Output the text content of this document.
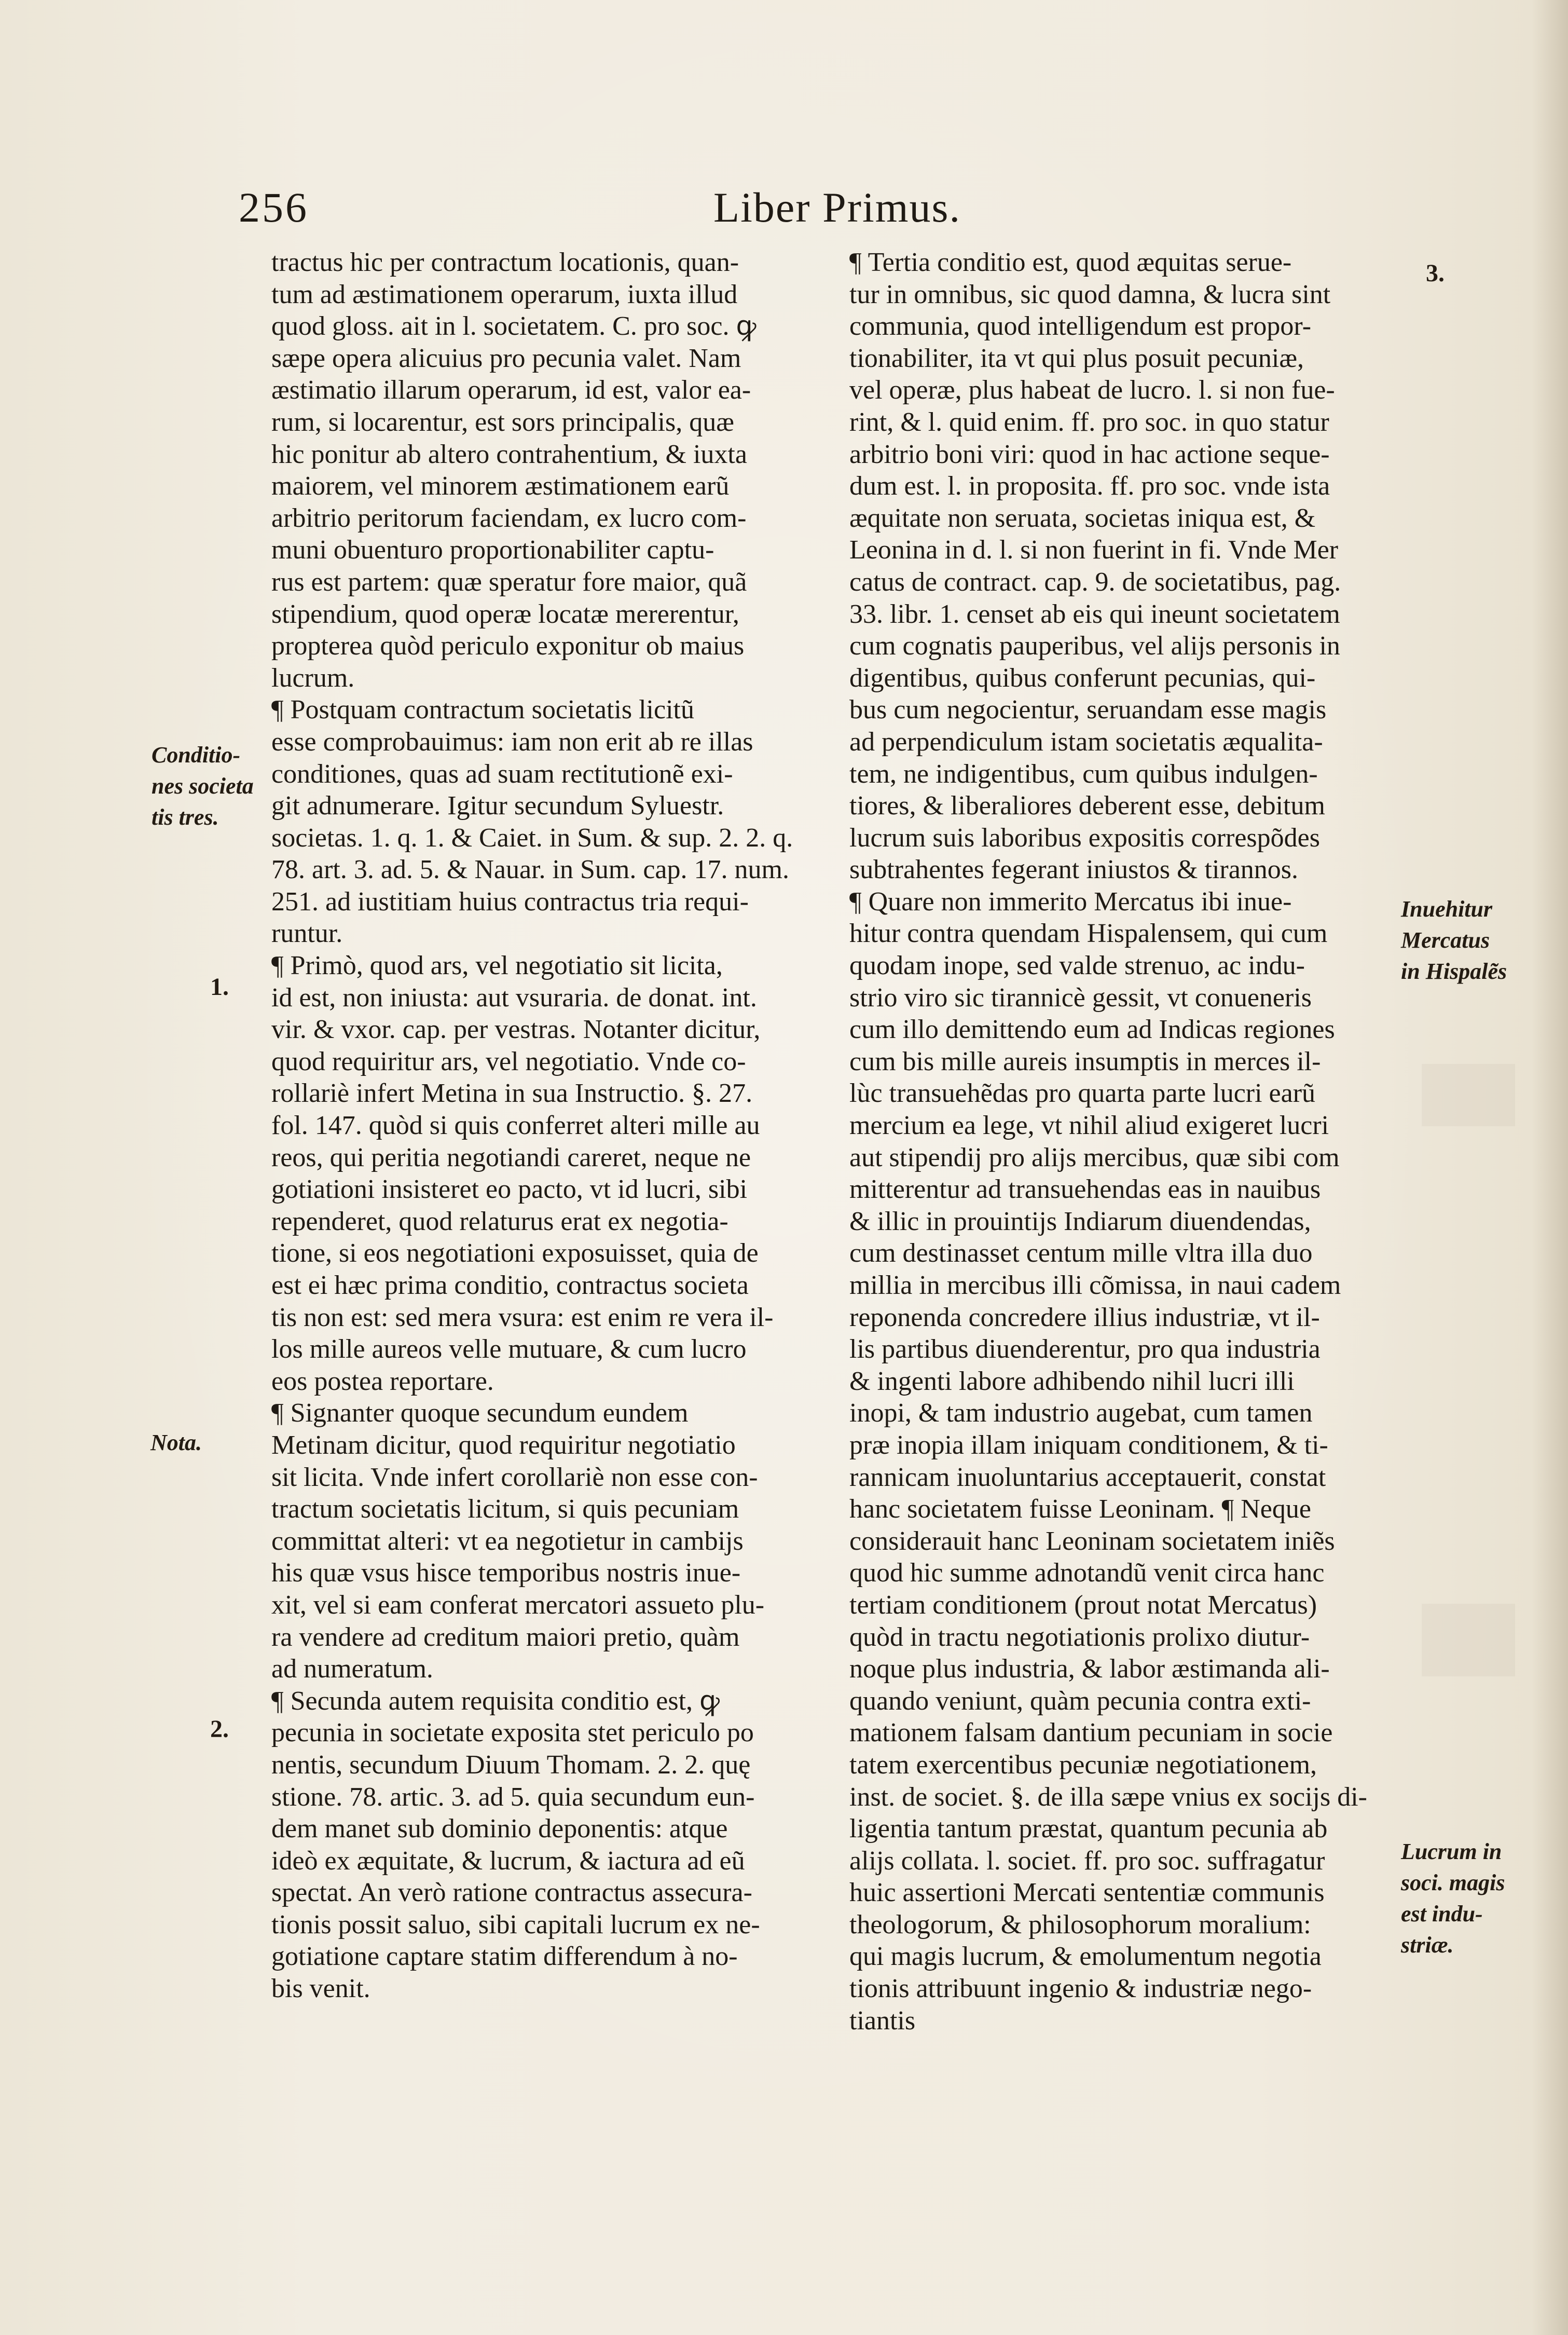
256	Liber Primus.
tractus hic per contractum locationis, quan-
tum ad æstimationem operarum, iuxta illud
quod gloss. ait in l. societatem. C. pro soc. ꝙ
sæpe opera alicuius pro pecunia valet. Nam
æstimatio illarum operarum, id est, valor ea-
rum, si locarentur, est sors principalis, quæ
hic ponitur ab altero contrahentium, & iuxta
maiorem, vel minorem æstimationem earũ
arbitrio peritorum faciendam, ex lucro com-
muni obuenturo proportionabiliter captu-
rus est partem: quæ speratur fore maior, quã
stipendium, quod operæ locatæ mererentur,
propterea quòd periculo exponitur ob maius
lucrum.
¶ Postquam contractum societatis licitũ
esse comprobauimus: iam non erit ab re illas
conditiones, quas ad suam rectitutionẽ exi-
git adnumerare. Igitur secundum Syluestr.
societas. 1. q. 1. & Caiet. in Sum. & sup. 2. 2. q.
78. art. 3. ad. 5. & Nauar. in Sum. cap. 17. num.
251. ad iustitiam huius contractus tria requi-
runtur.
¶ Primò, quod ars, vel negotiatio sit licita,
id est, non iniusta: aut vsuraria. de donat. int.
vir. & vxor. cap. per vestras. Notanter dicitur,
quod requiritur ars, vel negotiatio. Vnde co-
rollariè infert Metina in sua Instructio. §. 27.
fol. 147. quòd si quis conferret alteri mille au
reos, qui peritia negotiandi careret, neque ne
gotiationi insisteret eo pacto, vt id lucri, sibi
rependeret, quod relaturus erat ex negotia-
tione, si eos negotiationi exposuisset, quia de
est ei hæc prima conditio, contractus societa
tis non est: sed mera vsura: est enim re vera il-
los mille aureos velle mutuare, & cum lucro
eos postea reportare.
¶ Signanter quoque secundum eundem
Metinam dicitur, quod requiritur negotiatio
sit licita. Vnde infert corollariè non esse con-
tractum societatis licitum, si quis pecuniam
committat alteri: vt ea negotietur in cambijs
his quæ vsus hisce temporibus nostris inue-
xit, vel si eam conferat mercatori assueto plu-
ra vendere ad creditum maiori pretio, quàm
ad numeratum.
¶ Secunda autem requisita conditio est, ꝙ
pecunia in societate exposita stet periculo po
nentis, secundum Diuum Thomam. 2. 2. quę
stione. 78. artic. 3. ad 5. quia secundum eun-
dem manet sub dominio deponentis: atque
ideò ex æquitate, & lucrum, & iactura ad eũ
spectat. An verò ratione contractus assecura-
tionis possit saluo, sibi capitali lucrum ex ne-
gotiatione captare statim differendum à no-
bis venit.
¶ Tertia conditio est, quod æquitas serue-
tur in omnibus, sic quod damna, & lucra sint
communia, quod intelligendum est propor-
tionabiliter, ita vt qui plus posuit pecuniæ,
vel operæ, plus habeat de lucro. l. si non fue-
rint, & l. quid enim. ff. pro soc. in quo statur
arbitrio boni viri: quod in hac actione seque-
dum est. l. in proposita. ff. pro soc. vnde ista
æquitate non seruata, societas iniqua est, &
Leonina in d. l. si non fuerint in fi. Vnde Mer
catus de contract. cap. 9. de societatibus, pag.
33. libr. 1. censet ab eis qui ineunt societatem
cum cognatis pauperibus, vel alijs personis in
digentibus, quibus conferunt pecunias, qui-
bus cum negocientur, seruandam esse magis
ad perpendiculum istam societatis æqualita-
tem, ne indigentibus, cum quibus indulgen-
tiores, & liberaliores deberent esse, debitum
lucrum suis laboribus expositis correspõdes
subtrahentes fegerant iniustos & tirannos.
¶ Quare non immerito Mercatus ibi inue-
hitur contra quendam Hispalensem, qui cum
quodam inope, sed valde strenuo, ac indu-
strio viro sic tirannicè gessit, vt conueneris
cum illo demittendo eum ad Indicas regiones
cum bis mille aureis insumptis in merces il-
lùc transuehẽdas pro quarta parte lucri earũ
mercium ea lege, vt nihil aliud exigeret lucri
aut stipendij pro alijs mercibus, quæ sibi com
mitterentur ad transuehendas eas in nauibus
& illic in prouintijs Indiarum diuendendas,
cum destinasset centum mille vltra illa duo
millia in mercibus illi cõmissa, in naui cadem
reponenda concredere illius industriæ, vt il-
lis partibus diuenderentur, pro qua industria
& ingenti labore adhibendo nihil lucri illi
inopi, & tam industrio augebat, cum tamen
præ inopia illam iniquam conditionem, & ti-
rannicam inuoluntarius acceptauerit, constat
hanc societatem fuisse Leoninam. ¶ Neque
considerauit hanc Leoninam societatem iniẽs
quod hic summe adnotandũ venit circa hanc
tertiam conditionem (prout notat Mercatus)
quòd in tractu negotiationis prolixo diutur-
noque plus industria, & labor æstimanda ali-
quando veniunt, quàm pecunia contra exti-
mationem falsam dantium pecuniam in socie
tatem exercentibus pecuniæ negotiationem,
inst. de societ. §. de illa sæpe vnius ex socijs di-
ligentia tantum præstat, quantum pecunia ab
alijs collata. l. societ. ff. pro soc. suffragatur
huic assertioni Mercati sententiæ communis
theologorum, & philosophorum moralium:
qui magis lucrum, & emolumentum negotia
tionis attribuunt ingenio & industriæ nego-
tiantis
Conditio-
nes societa
tis tres.
1.
Nota.
2.
3.
Inuehitur
Mercatus
in Hispalẽs
Lucrum in
soci. magis
est indu-
striæ.
